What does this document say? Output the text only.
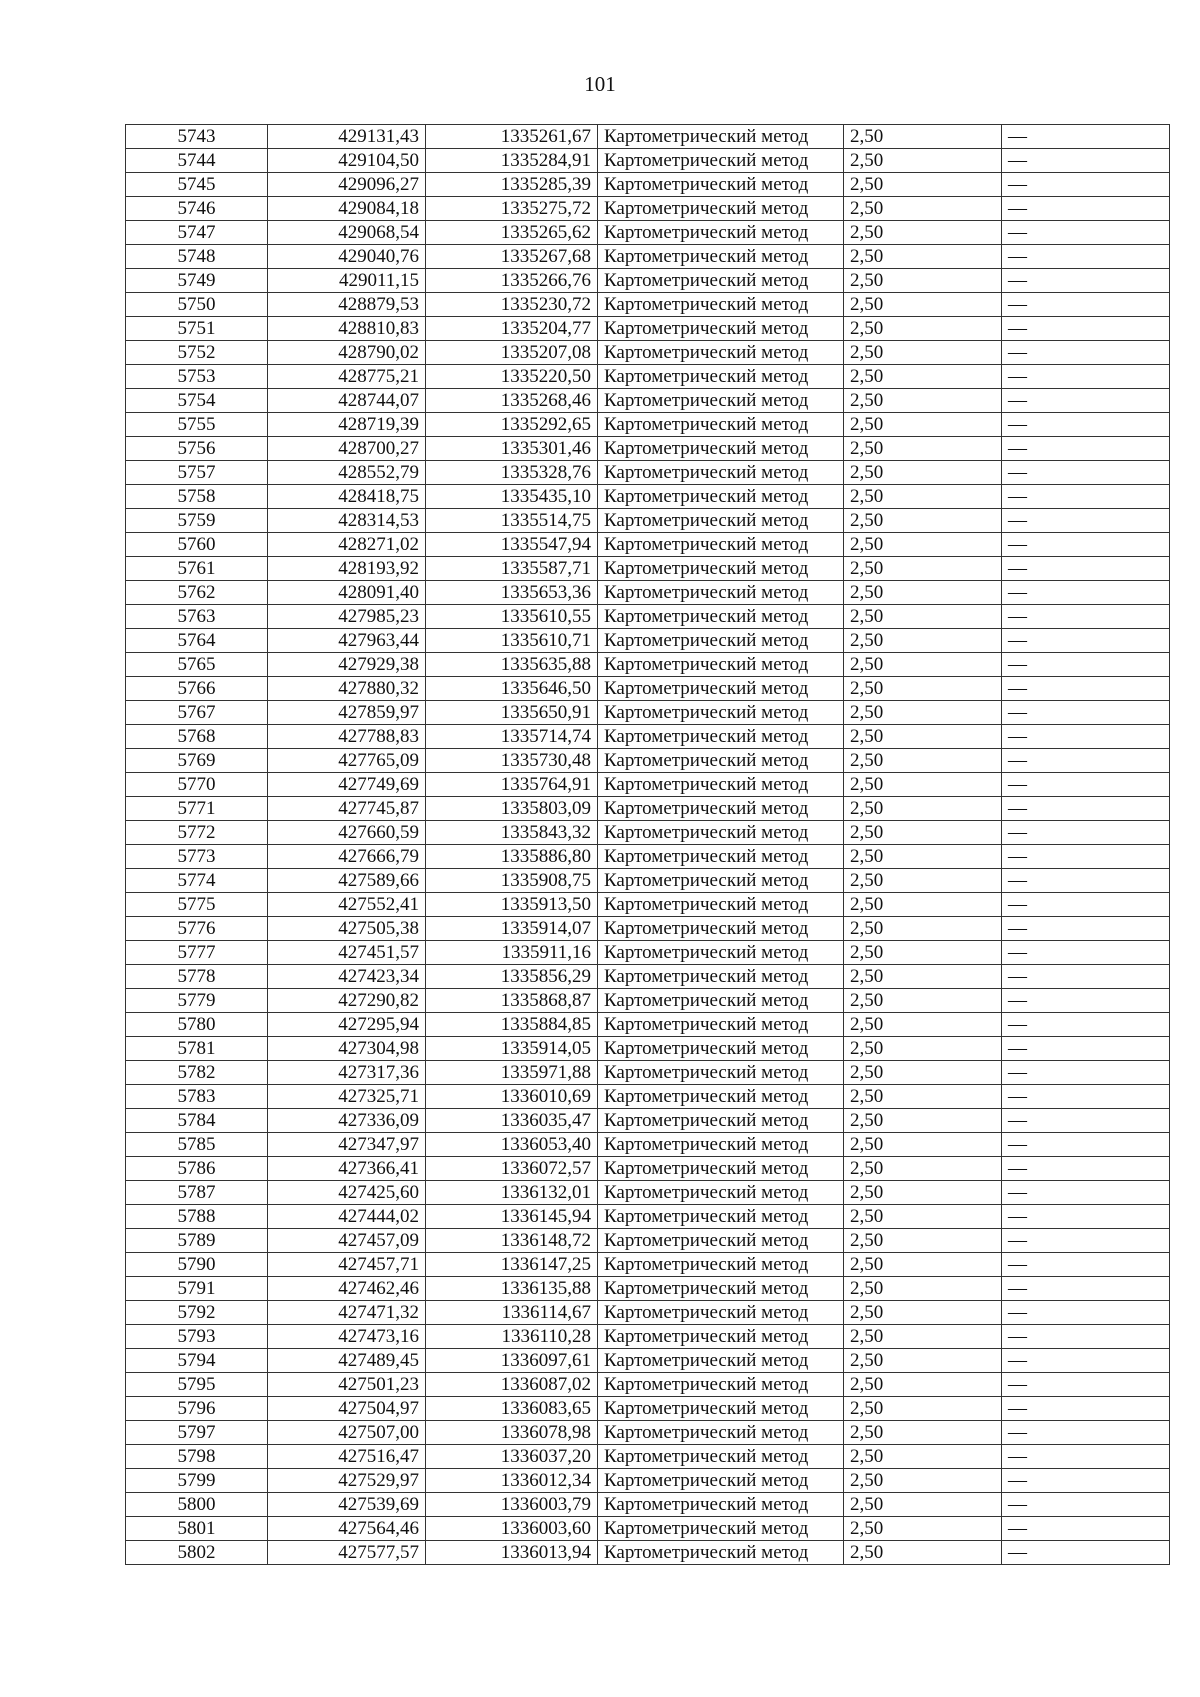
101
5743	429131,43	1335261,67	Картометрический метод	2,50	—
5744	429104,50	1335284,91	Картометрический метод	2,50	—
5745	429096,27	1335285,39	Картометрический метод	2,50	—
5746	429084,18	1335275,72	Картометрический метод	2,50	—
5747	429068,54	1335265,62	Картометрический метод	2,50	—
5748	429040,76	1335267,68	Картометрический метод	2,50	—
5749	429011,15	1335266,76	Картометрический метод	2,50	—
5750	428879,53	1335230,72	Картометрический метод	2,50	—
5751	428810,83	1335204,77	Картометрический метод	2,50	—
5752	428790,02	1335207,08	Картометрический метод	2,50	—
5753	428775,21	1335220,50	Картометрический метод	2,50	—
5754	428744,07	1335268,46	Картометрический метод	2,50	—
5755	428719,39	1335292,65	Картометрический метод	2,50	—
5756	428700,27	1335301,46	Картометрический метод	2,50	—
5757	428552,79	1335328,76	Картометрический метод	2,50	—
5758	428418,75	1335435,10	Картометрический метод	2,50	—
5759	428314,53	1335514,75	Картометрический метод	2,50	—
5760	428271,02	1335547,94	Картометрический метод	2,50	—
5761	428193,92	1335587,71	Картометрический метод	2,50	—
5762	428091,40	1335653,36	Картометрический метод	2,50	—
5763	427985,23	1335610,55	Картометрический метод	2,50	—
5764	427963,44	1335610,71	Картометрический метод	2,50	—
5765	427929,38	1335635,88	Картометрический метод	2,50	—
5766	427880,32	1335646,50	Картометрический метод	2,50	—
5767	427859,97	1335650,91	Картометрический метод	2,50	—
5768	427788,83	1335714,74	Картометрический метод	2,50	—
5769	427765,09	1335730,48	Картометрический метод	2,50	—
5770	427749,69	1335764,91	Картометрический метод	2,50	—
5771	427745,87	1335803,09	Картометрический метод	2,50	—
5772	427660,59	1335843,32	Картометрический метод	2,50	—
5773	427666,79	1335886,80	Картометрический метод	2,50	—
5774	427589,66	1335908,75	Картометрический метод	2,50	—
5775	427552,41	1335913,50	Картометрический метод	2,50	—
5776	427505,38	1335914,07	Картометрический метод	2,50	—
5777	427451,57	1335911,16	Картометрический метод	2,50	—
5778	427423,34	1335856,29	Картометрический метод	2,50	—
5779	427290,82	1335868,87	Картометрический метод	2,50	—
5780	427295,94	1335884,85	Картометрический метод	2,50	—
5781	427304,98	1335914,05	Картометрический метод	2,50	—
5782	427317,36	1335971,88	Картометрический метод	2,50	—
5783	427325,71	1336010,69	Картометрический метод	2,50	—
5784	427336,09	1336035,47	Картометрический метод	2,50	—
5785	427347,97	1336053,40	Картометрический метод	2,50	—
5786	427366,41	1336072,57	Картометрический метод	2,50	—
5787	427425,60	1336132,01	Картометрический метод	2,50	—
5788	427444,02	1336145,94	Картометрический метод	2,50	—
5789	427457,09	1336148,72	Картометрический метод	2,50	—
5790	427457,71	1336147,25	Картометрический метод	2,50	—
5791	427462,46	1336135,88	Картометрический метод	2,50	—
5792	427471,32	1336114,67	Картометрический метод	2,50	—
5793	427473,16	1336110,28	Картометрический метод	2,50	—
5794	427489,45	1336097,61	Картометрический метод	2,50	—
5795	427501,23	1336087,02	Картометрический метод	2,50	—
5796	427504,97	1336083,65	Картометрический метод	2,50	—
5797	427507,00	1336078,98	Картометрический метод	2,50	—
5798	427516,47	1336037,20	Картометрический метод	2,50	—
5799	427529,97	1336012,34	Картометрический метод	2,50	—
5800	427539,69	1336003,79	Картометрический метод	2,50	—
5801	427564,46	1336003,60	Картометрический метод	2,50	—
5802	427577,57	1336013,94	Картометрический метод	2,50	—
